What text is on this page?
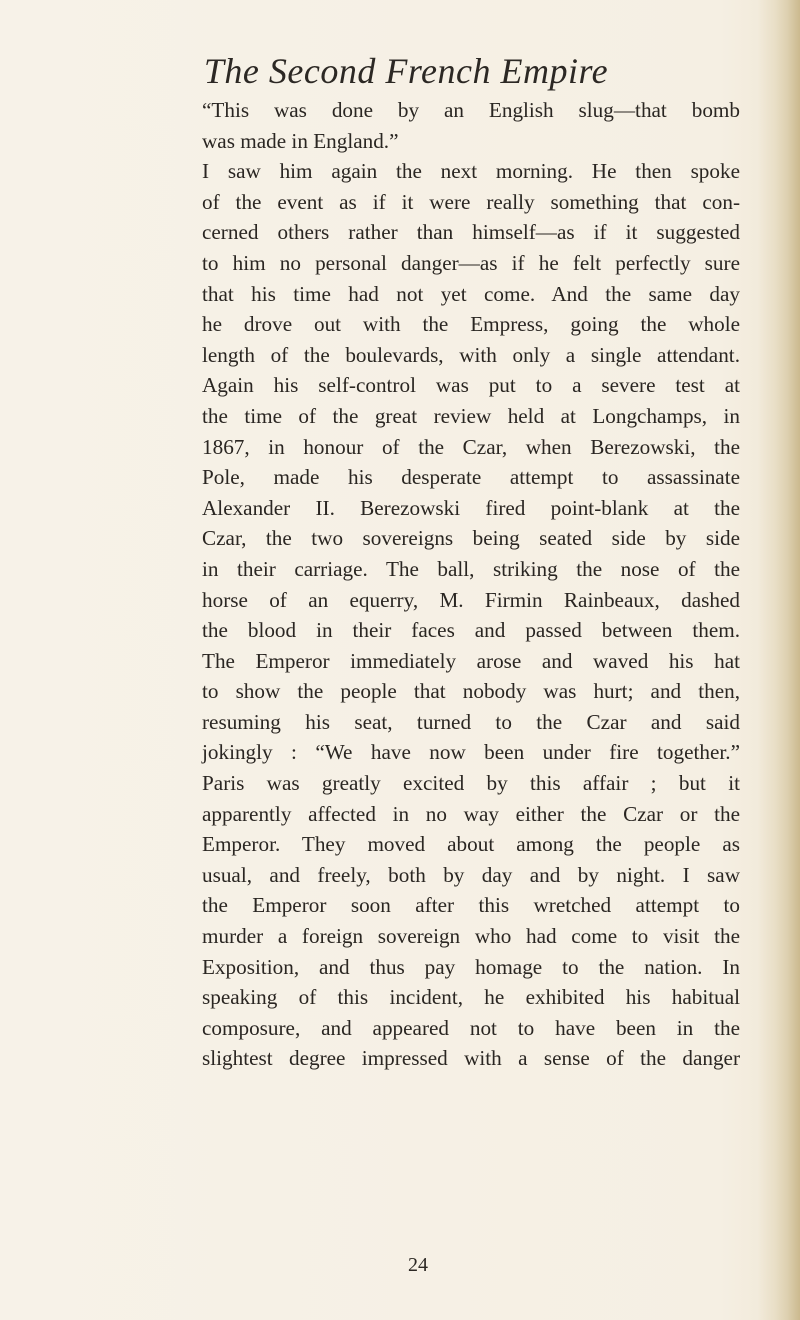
The Second French Empire
“This was done by an English slug—that bomb
was made in England.”
I saw him again the next morning. He then spoke
of the event as if it were really something that con-
cerned others rather than himself—as if it suggested
to him no personal danger—as if he felt perfectly sure
that his time had not yet come. And the same day
he drove out with the Empress, going the whole
length of the boulevards, with only a single attendant.
Again his self-control was put to a severe test at
the time of the great review held at Longchamps, in
1867, in honour of the Czar, when Berezowski, the
Pole, made his desperate attempt to assassinate
Alexander II. Berezowski fired point-blank at the
Czar, the two sovereigns being seated side by side
in their carriage. The ball, striking the nose of the
horse of an equerry, M. Firmin Rainbeaux, dashed
the blood in their faces and passed between them.
The Emperor immediately arose and waved his hat
to show the people that nobody was hurt; and then,
resuming his seat, turned to the Czar and said
jokingly : “We have now been under fire together.”
Paris was greatly excited by this affair ; but it
apparently affected in no way either the Czar or the
Emperor. They moved about among the people as
usual, and freely, both by day and by night. I saw
the Emperor soon after this wretched attempt to
murder a foreign sovereign who had come to visit the
Exposition, and thus pay homage to the nation. In
speaking of this incident, he exhibited his habitual
composure, and appeared not to have been in the
slightest degree impressed with a sense of the danger
24
